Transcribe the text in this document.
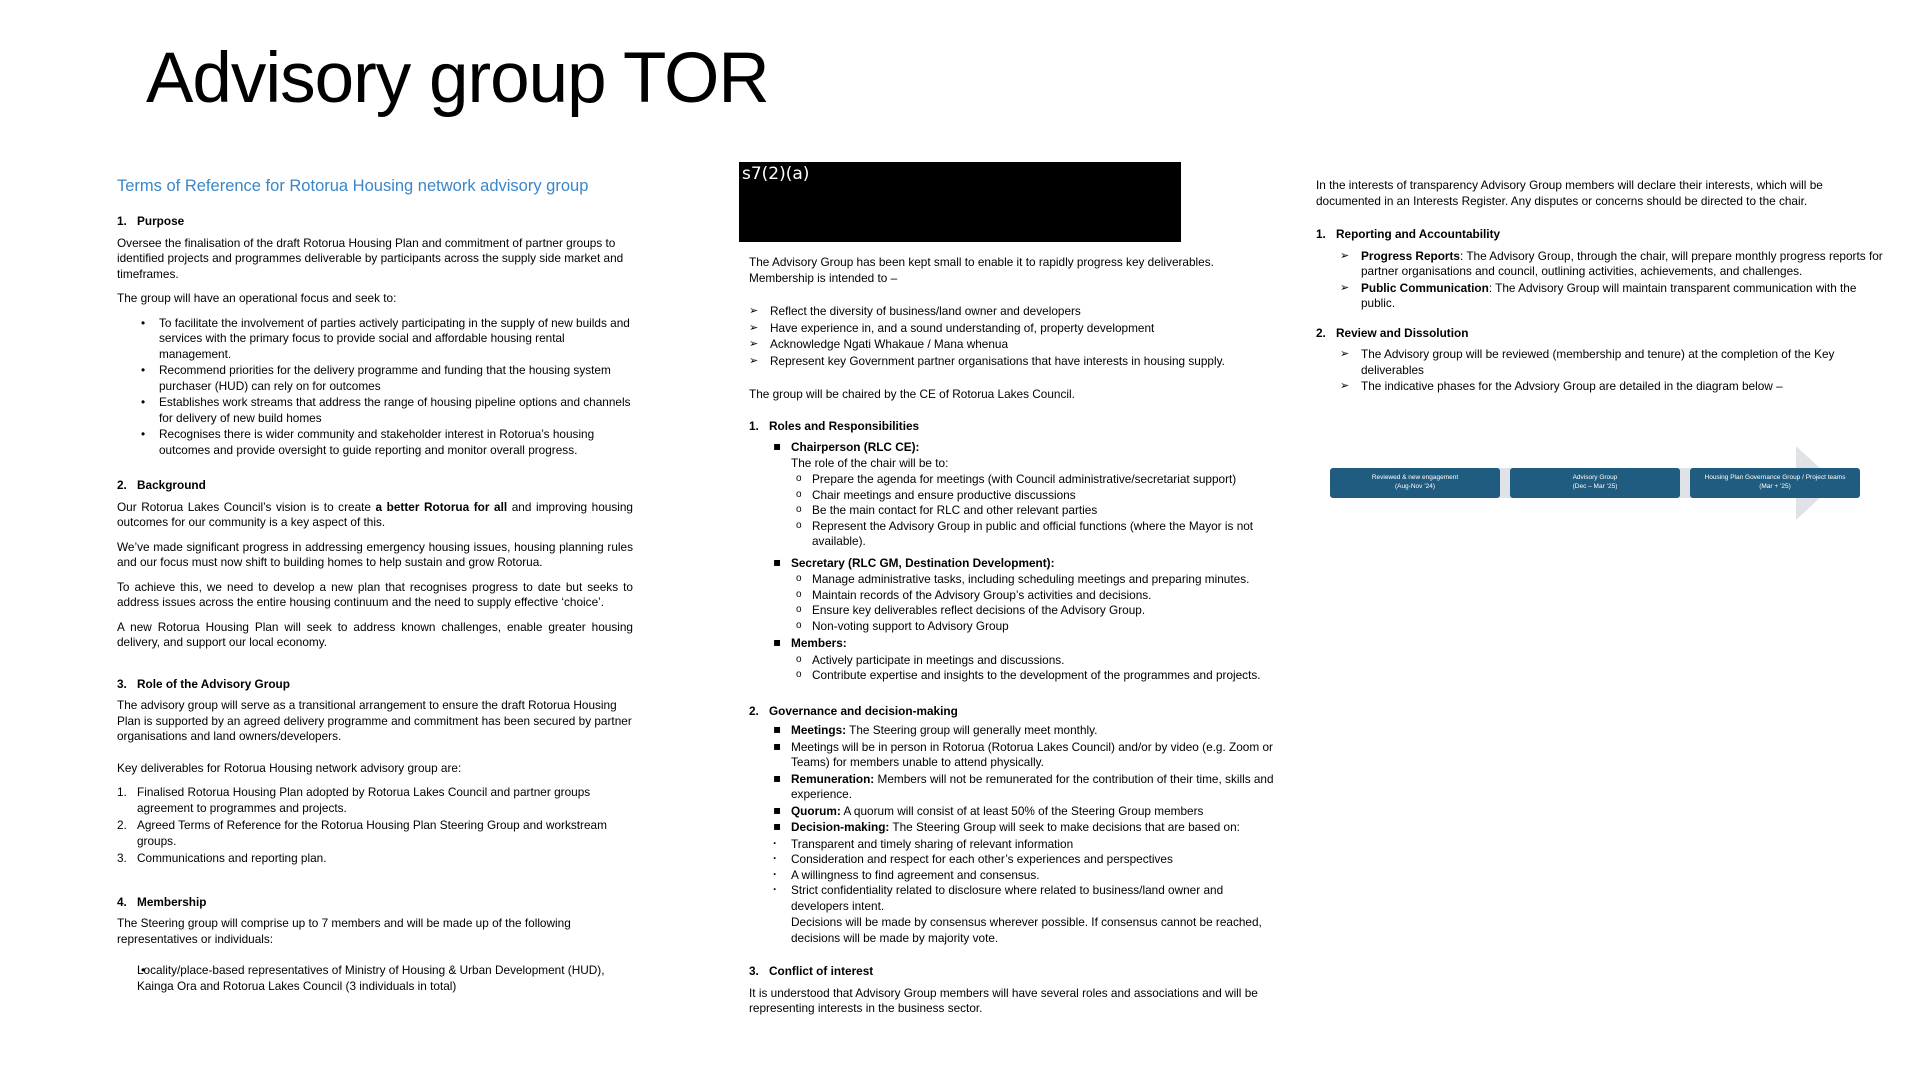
Advisory group TOR

Terms of Reference for Rotorua Housing network advisory group

1. Purpose

Oversee the finalisation of the draft Rotorua Housing Plan and commitment of partner groups to identified projects and programmes deliverable by participants across the supply side market and timeframes.

The group will have an operational focus and seek to:

• To facilitate the involvement of parties actively participating in the supply of new builds and services with the primary focus to provide social and affordable housing rental management.
• Recommend priorities for the delivery programme and funding that the housing system purchaser (HUD) can rely on for outcomes
• Establishes work streams that address the range of housing pipeline options and channels for delivery of new build homes
• Recognises there is wider community and stakeholder interest in Rotorua’s housing outcomes and provide oversight to guide reporting and monitor overall progress.
2. Background

Our Rotorua Lakes Council’s vision is to create a better Rotorua for all and improving housing outcomes for our community is a key aspect of this.

We’ve made significant progress in addressing emergency housing issues, housing planning rules and our focus must now shift to building homes to help sustain and grow Rotorua.

To achieve this, we need to develop a new plan that recognises progress to date but seeks to address issues across the entire housing continuum and the need to supply effective ‘choice’.

A new Rotorua Housing Plan will seek to address known challenges, enable greater housing delivery, and support our local economy.

3. Role of the Advisory Group

The advisory group will serve as a transitional arrangement to ensure the draft Rotorua Housing Plan is supported by an agreed delivery programme and commitment has been secured by partner organisations and land owners/developers.

Key deliverables for Rotorua Housing network advisory group are:

1. Finalised Rotorua Housing Plan adopted by Rotorua Lakes Council and partner groups agreement to programmes and projects.
2. Agreed Terms of Reference for the Rotorua Housing Plan Steering Group and workstream groups.
3. Communications and reporting plan.
4. Membership

The Steering group will comprise up to 7 members and will be made up of the following representatives or individuals:

• Locality/place-based representatives of Ministry of Housing & Urban Development (HUD), Kainga Ora and Rotorua Lakes Council (3 individuals in total)
s7(2)(a)

The Advisory Group has been kept small to enable it to rapidly progress key deliverables. Membership is intended to –

➢ Reflect the diversity of business/land owner and developers
➢ Have experience in, and a sound understanding of, property development
➢ Acknowledge Ngati Whakaue / Mana whenua
➢ Represent key Government partner organisations that have interests in housing supply.

The group will be chaired by the CE of Rotorua Lakes Council.

1. Roles and Responsibilities
▪ Chairperson (RLC CE):
The role of the chair will be to:
o Prepare the agenda for meetings (with Council administrative/secretariat support)
o Chair meetings and ensure productive discussions
o Be the main contact for RLC and other relevant parties
o Represent the Advisory Group in public and official functions (where the Mayor is not available).
▪ Secretary (RLC GM, Destination Development):
o Manage administrative tasks, including scheduling meetings and preparing minutes.
o Maintain records of the Advisory Group’s activities and decisions.
o Ensure key deliverables reflect decisions of the Advisory Group.
o Non-voting support to Advisory Group
▪ Members:
o Actively participate in meetings and discussions.
o Contribute expertise and insights to the development of the programmes and projects.
2. Governance and decision-making
▪ Meetings: The Steering group will generally meet monthly.
▪ Meetings will be in person in Rotorua (Rotorua Lakes Council) and/or by video (e.g. Zoom or Teams) for members unable to attend physically.
▪ Remuneration: Members will not be remunerated for the contribution of their time, skills and experience.
▪ Quorum: A quorum will consist of at least 50% of the Steering Group members
▪ Decision-making: The Steering Group will seek to make decisions that are based on:
· Transparent and timely sharing of relevant information
· Consideration and respect for each other’s experiences and perspectives
· A willingness to find agreement and consensus.
· Strict confidentiality related to disclosure where related to business/land owner and developers intent.

Decisions will be made by consensus wherever possible. If consensus cannot be reached, decisions will be made by majority vote.

3. Conflict of interest

It is understood that Advisory Group members will have several roles and associations and will be representing interests in the business sector.

In the interests of transparency Advisory Group members will declare their interests, which will be documented in an Interests Register. Any disputes or concerns should be directed to the chair.

1. Reporting and Accountability
➢ Progress Reports: The Advisory Group, through the chair, will prepare monthly progress reports for partner organisations and council, outlining activities, achievements, and challenges.
➢ Public Communication: The Advisory Group will maintain transparent communication with the public.
2. Review and Dissolution
➢ The Advisory group will be reviewed (membership and tenure) at the completion of the Key deliverables
➢ The indicative phases for the Advsiory Group are detailed in the diagram below –
Reviewed & new engagement
(Aug-Nov ’24)
Advisory Group
(Dec – Mar ’25)
Housing Plan Governance Group / Project teams
(Mar + ’25)
